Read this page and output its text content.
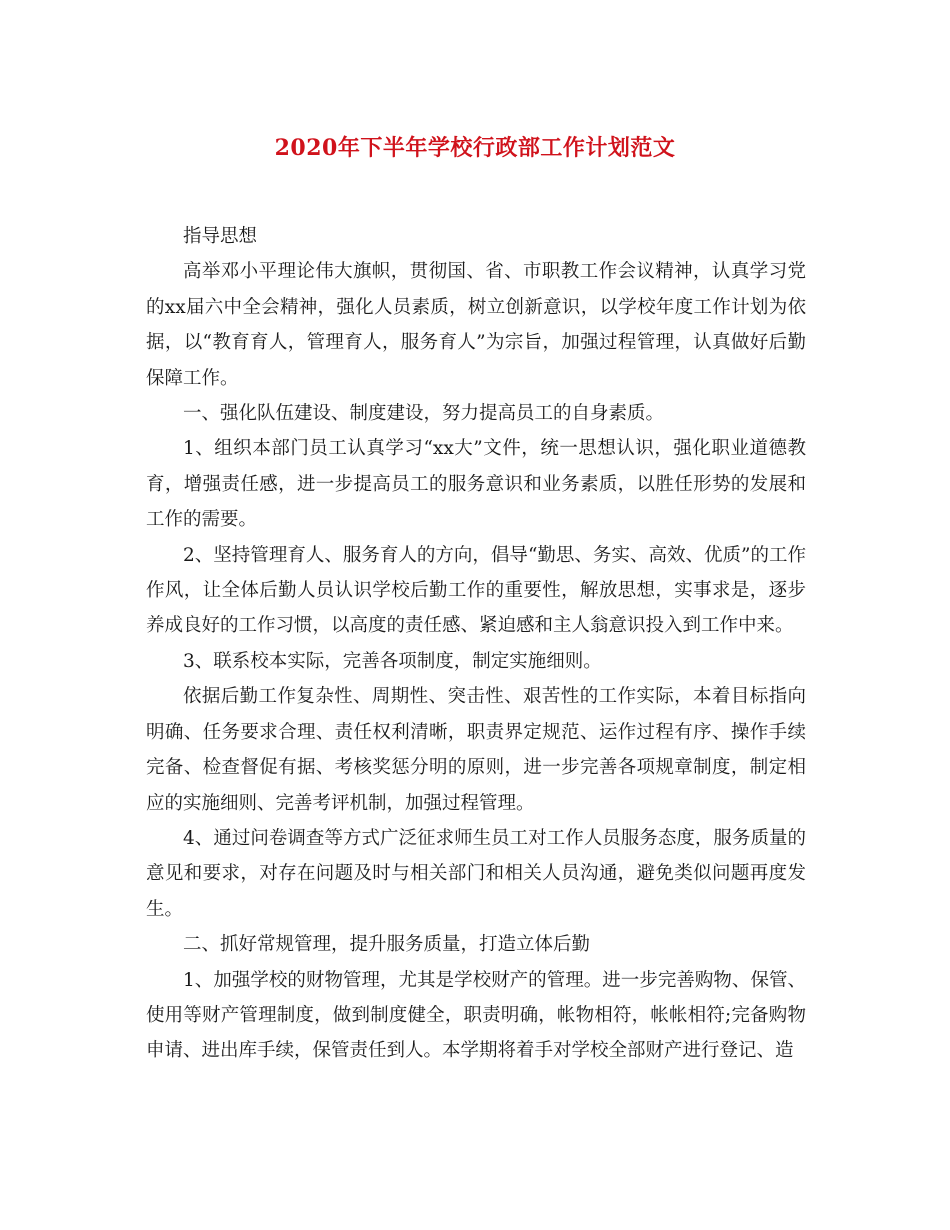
2020年下半年学校行政部工作计划范文

指导思想

高举邓小平理论伟大旗帜，贯彻国、省、市职教工作会议精神，认真学习党的xx届六中全会精神，强化人员素质，树立创新意识，以学校年度工作计划为依据，以“教育育人，管理育人，服务育人”为宗旨，加强过程管理，认真做好后勤保障工作。

一、强化队伍建设、制度建设，努力提高员工的自身素质。

1、组织本部门员工认真学习“xx大”文件，统一思想认识，强化职业道德教育，增强责任感，进一步提高员工的服务意识和业务素质，以胜任形势的发展和工作的需要。

2、坚持管理育人、服务育人的方向，倡导“勤思、务实、高效、优质”的工作作风，让全体后勤人员认识学校后勤工作的重要性，解放思想，实事求是，逐步养成良好的工作习惯，以高度的责任感、紧迫感和主人翁意识投入到工作中来。

3、联系校本实际，完善各项制度，制定实施细则。

依据后勤工作复杂性、周期性、突击性、艰苦性的工作实际，本着目标指向明确、任务要求合理、责任权利清晰，职责界定规范、运作过程有序、操作手续完备、检查督促有据、考核奖惩分明的原则，进一步完善各项规章制度，制定相应的实施细则、完善考评机制，加强过程管理。

4、通过问卷调查等方式广泛征求师生员工对工作人员服务态度，服务质量的意见和要求，对存在问题及时与相关部门和相关人员沟通，避免类似问题再度发生。

二、抓好常规管理，提升服务质量，打造立体后勤

1、加强学校的财物管理，尤其是学校财产的管理。进一步完善购物、保管、使用等财产管理制度，做到制度健全，职责明确，帐物相符，帐帐相符;完备购物申请、进出库手续，保管责任到人。本学期将着手对学校全部财产进行登记、造
